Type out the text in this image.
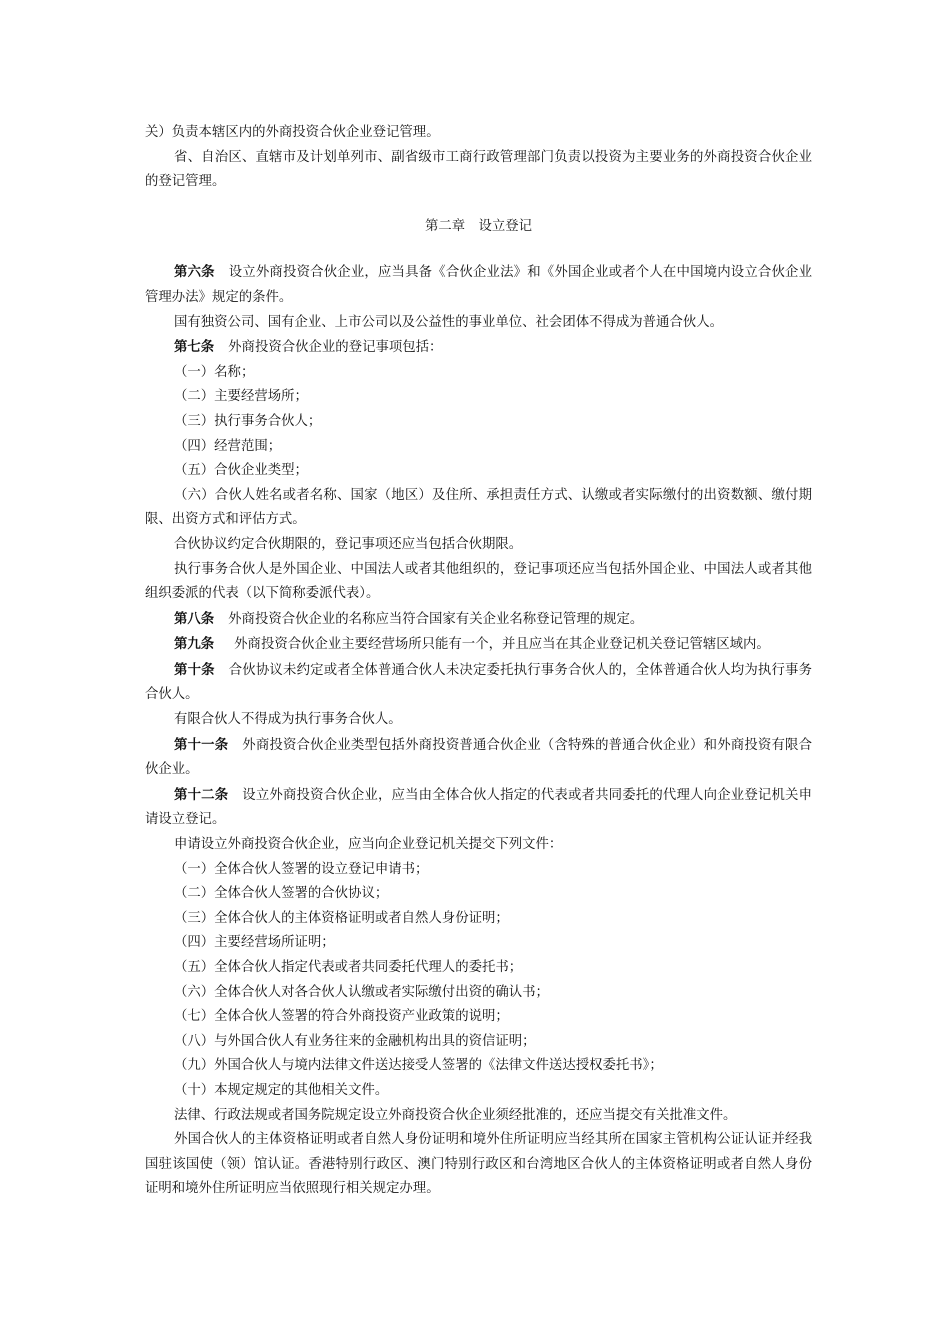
关）负责本辖区内的外商投资合伙企业登记管理。

省、自治区、直辖市及计划单列市、副省级市工商行政管理部门负责以投资为主要业务的外商投资合伙企业的登记管理。

第二章　设立登记

第六条 设立外商投资合伙企业，应当具备《合伙企业法》和《外国企业或者个人在中国境内设立合伙企业管理办法》规定的条件。

国有独资公司、国有企业、上市公司以及公益性的事业单位、社会团体不得成为普通合伙人。

第七条 外商投资合伙企业的登记事项包括：

（一）名称；

（二）主要经营场所；

（三）执行事务合伙人；

（四）经营范围；

（五）合伙企业类型；

（六）合伙人姓名或者名称、国家（地区）及住所、承担责任方式、认缴或者实际缴付的出资数额、缴付期限、出资方式和评估方式。

合伙协议约定合伙期限的，登记事项还应当包括合伙期限。

执行事务合伙人是外国企业、中国法人或者其他组织的，登记事项还应当包括外国企业、中国法人或者其他组织委派的代表（以下简称委派代表）。

第八条 外商投资合伙企业的名称应当符合国家有关企业名称登记管理的规定。

第九条 外商投资合伙企业主要经营场所只能有一个，并且应当在其企业登记机关登记管辖区域内。

第十条 合伙协议未约定或者全体普通合伙人未决定委托执行事务合伙人的，全体普通合伙人均为执行事务合伙人。

有限合伙人不得成为执行事务合伙人。

第十一条 外商投资合伙企业类型包括外商投资普通合伙企业（含特殊的普通合伙企业）和外商投资有限合伙企业。

第十二条 设立外商投资合伙企业，应当由全体合伙人指定的代表或者共同委托的代理人向企业登记机关申请设立登记。

申请设立外商投资合伙企业，应当向企业登记机关提交下列文件：

（一）全体合伙人签署的设立登记申请书；

（二）全体合伙人签署的合伙协议；

（三）全体合伙人的主体资格证明或者自然人身份证明；

（四）主要经营场所证明；

（五）全体合伙人指定代表或者共同委托代理人的委托书；

（六）全体合伙人对各合伙人认缴或者实际缴付出资的确认书；

（七）全体合伙人签署的符合外商投资产业政策的说明；

（八）与外国合伙人有业务往来的金融机构出具的资信证明；

（九）外国合伙人与境内法律文件送达接受人签署的《法律文件送达授权委托书》；

（十）本规定规定的其他相关文件。

法律、行政法规或者国务院规定设立外商投资合伙企业须经批准的，还应当提交有关批准文件。

外国合伙人的主体资格证明或者自然人身份证明和境外住所证明应当经其所在国家主管机构公证认证并经我国驻该国使（领）馆认证。香港特别行政区、澳门特别行政区和台湾地区合伙人的主体资格证明或者自然人身份证明和境外住所证明应当依照现行相关规定办理。
